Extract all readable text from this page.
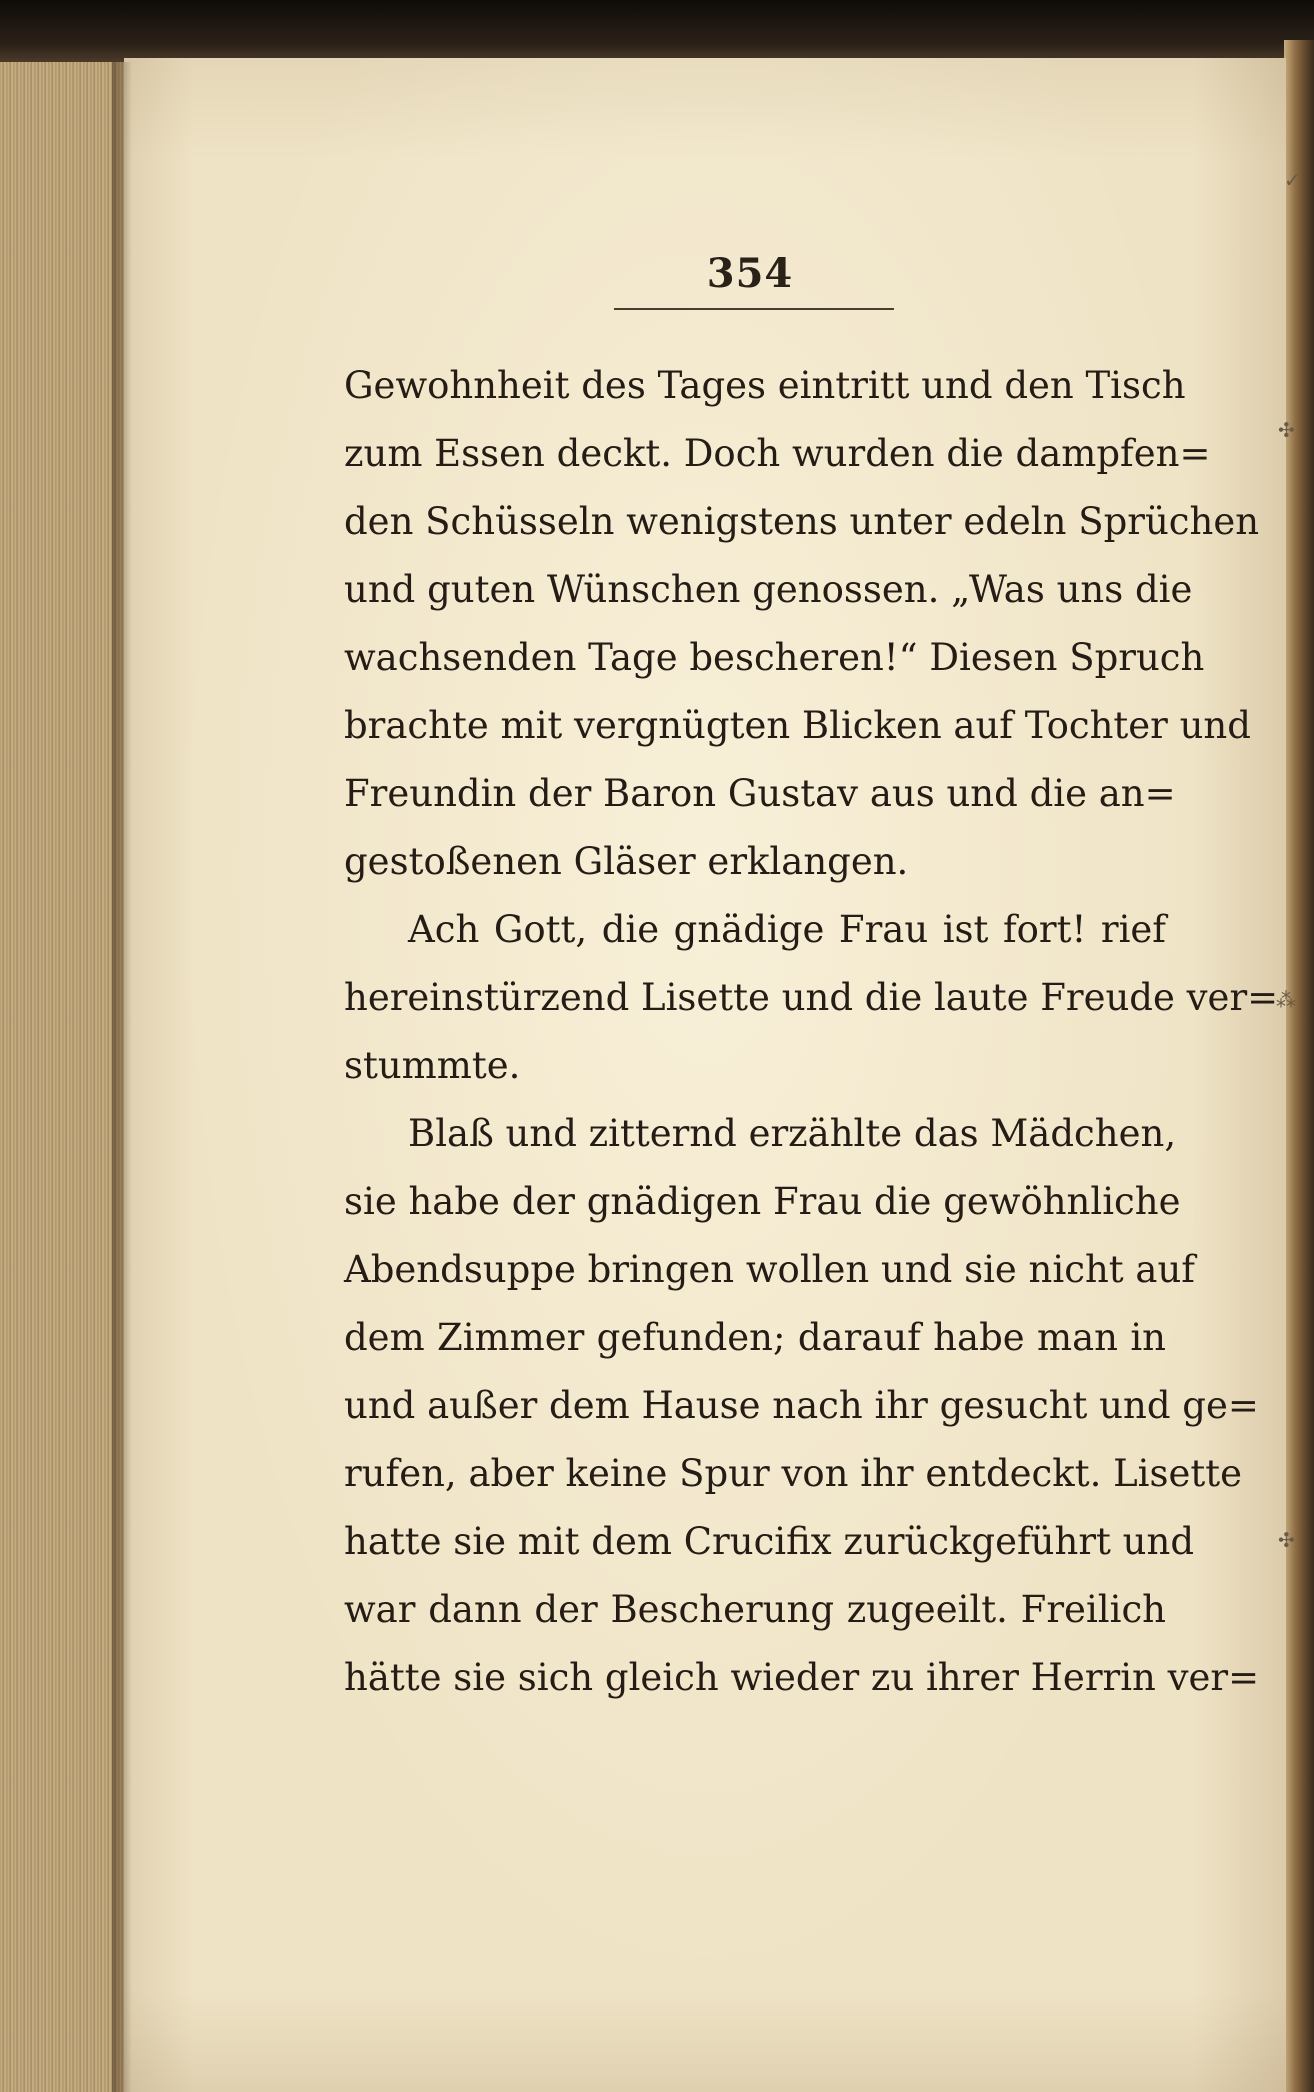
354
Gewohnheit des Tages eintritt und den Tisch
zum Essen deckt. Doch wurden die dampfen=
den Schüsseln wenigstens unter edeln Sprüchen
und guten Wünschen genossen. „Was uns die
wachsenden Tage bescheren!“ Diesen Spruch
brachte mit vergnügten Blicken auf Tochter und
Freundin der Baron Gustav aus und die an=
gestoßenen Gläser erklangen.
Ach Gott, die gnädige Frau ist fort! rief
hereinstürzend Lisette und die laute Freude ver=
stummte.
Blaß und zitternd erzählte das Mädchen,
sie habe der gnädigen Frau die gewöhnliche
Abendsuppe bringen wollen und sie nicht auf
dem Zimmer gefunden; darauf habe man in
und außer dem Hause nach ihr gesucht und ge=
rufen, aber keine Spur von ihr entdeckt. Lisette
hatte sie mit dem Crucifix zurückgeführt und
war dann der Bescherung zugeeilt. Freilich
hätte sie sich gleich wieder zu ihrer Herrin ver=
✓
✣
⁂
✣
